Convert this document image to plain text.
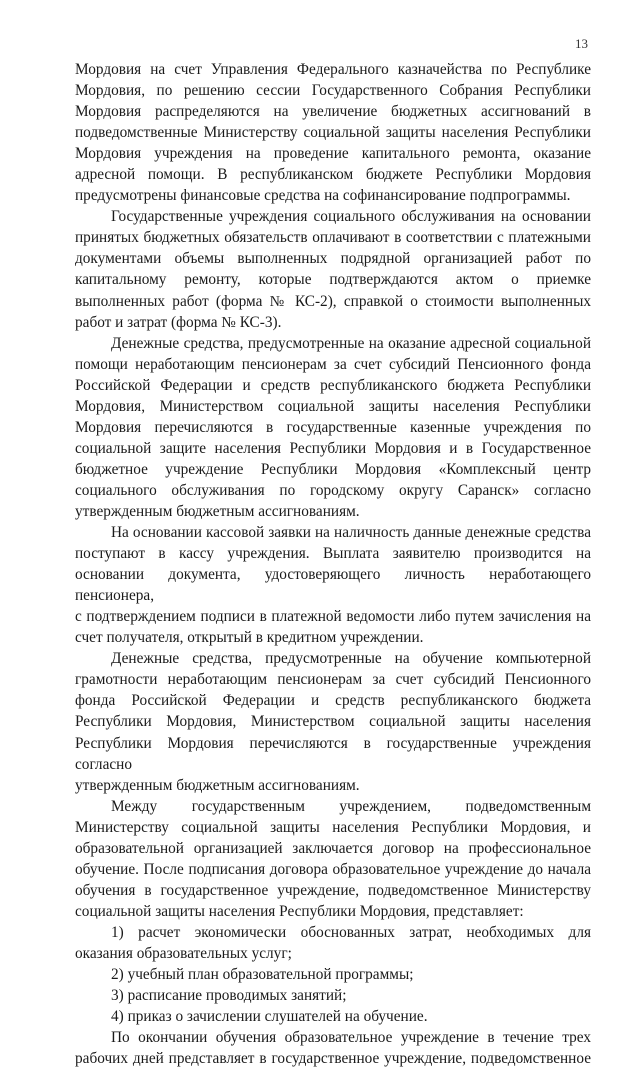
13

Мордовия на счет Управления Федерального казначейства по Республике

Мордовия, по решению сессии Государственного Собрания Республики

Мордовия распределяются на увеличение бюджетных ассигнований в

подведомственные Министерству социальной защиты населения Республики

Мордовия учреждения на проведение капитального ремонта, оказание

адресной помощи. В республиканском бюджете Республики Мордовия

предусмотрены финансовые средства на софинансирование подпрограммы.

Государственные учреждения социального обслуживания на основании

принятых бюджетных обязательств оплачивают в соответствии с платежными

документами объемы выполненных подрядной организацией работ по

капитальному ремонту, которые подтверждаются актом о приемке

выполненных работ (форма № КС-2), справкой о стоимости выполненных

работ и затрат (форма № КС-3).

Денежные средства, предусмотренные на оказание адресной социальной

помощи неработающим пенсионерам за счет субсидий Пенсионного фонда

Российской Федерации и средств республиканского бюджета Республики

Мордовия, Министерством социальной защиты населения Республики

Мордовия перечисляются в государственные казенные учреждения по

социальной защите населения Республики Мордовия и в Государственное

бюджетное учреждение Республики Мордовия «Комплексный центр

социального обслуживания по городскому округу Саранск» согласно

утвержденным бюджетным ассигнованиям.

На основании кассовой заявки на наличность данные денежные средства

поступают в кассу учреждения. Выплата заявителю производится на

основании документа, удостоверяющего личность неработающего пенсионера,

с подтверждением подписи в платежной ведомости либо путем зачисления на

счет получателя, открытый в кредитном учреждении.

Денежные средства, предусмотренные на обучение компьютерной

грамотности неработающим пенсионерам за счет субсидий Пенсионного

фонда Российской Федерации и средств республиканского бюджета

Республики Мордовия, Министерством социальной защиты населения

Республики Мордовия перечисляются в государственные учреждения согласно

утвержденным бюджетным ассигнованиям.

Между государственным учреждением, подведомственным

Министерству социальной защиты населения Республики Мордовия, и

образовательной организацией заключается договор на профессиональное

обучение. После подписания договора образовательное учреждение до начала

обучения в государственное учреждение, подведомственное Министерству

социальной защиты населения Республики Мордовия, представляет:

1) расчет экономически обоснованных затрат, необходимых для

оказания образовательных услуг;

2) учебный план образовательной программы;

3) расписание проводимых занятий;

4) приказ о зачислении слушателей на обучение.

По окончании обучения образовательное учреждение в течение трех

рабочих дней представляет в государственное учреждение, подведомственное
